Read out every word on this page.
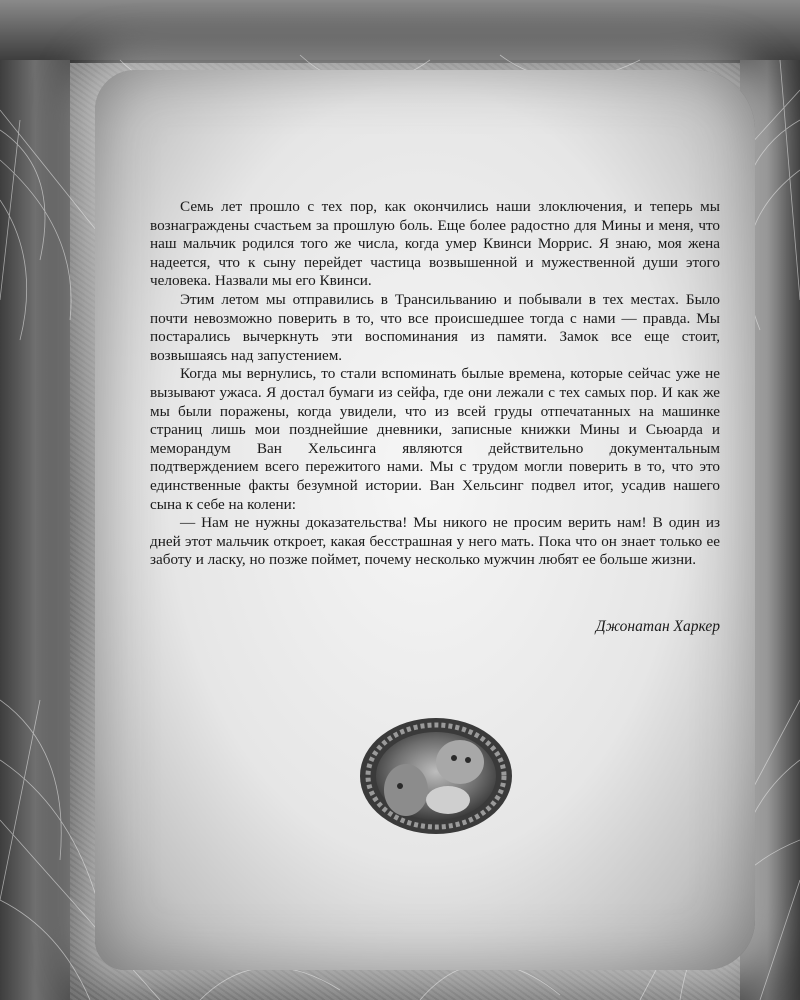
Семь лет прошло с тех пор, как окончились наши злоключения, и теперь мы вознаграждены счастьем за прошлую боль. Еще более радостно для Мины и меня, что наш мальчик родился того же числа, когда умер Квинси Моррис. Я знаю, моя жена надеется, что к сыну перейдет частица возвышенной и мужественной души этого человека. Назвали мы его Квинси.

Этим летом мы отправились в Трансильванию и побывали в тех местах. Было почти невозможно поверить в то, что все происшедшее тогда с нами — правда. Мы постарались вычеркнуть эти воспоминания из памяти. Замок все еще стоит, возвышаясь над запустением.

Когда мы вернулись, то стали вспоминать былые времена, которые сейчас уже не вызывают ужаса. Я достал бумаги из сейфа, где они лежали с тех самых пор. И как же мы были поражены, когда увидели, что из всей груды отпечатанных на машинке страниц лишь мои позднейшие дневники, записные книжки Мины и Сьюарда и меморандум Ван Хельсинга являются действительно документальным подтверждением всего пережитого нами. Мы с трудом могли поверить в то, что это единственные факты безумной истории. Ван Хельсинг подвел итог, усадив нашего сына к себе на колени:

— Нам не нужны доказательства! Мы никого не просим верить нам! В один из дней этот мальчик откроет, какая бесстрашная у него мать. Пока что он знает только ее заботу и ласку, но позже поймет, почему несколько мужчин любят ее больше жизни.

Джонатан Харкер
